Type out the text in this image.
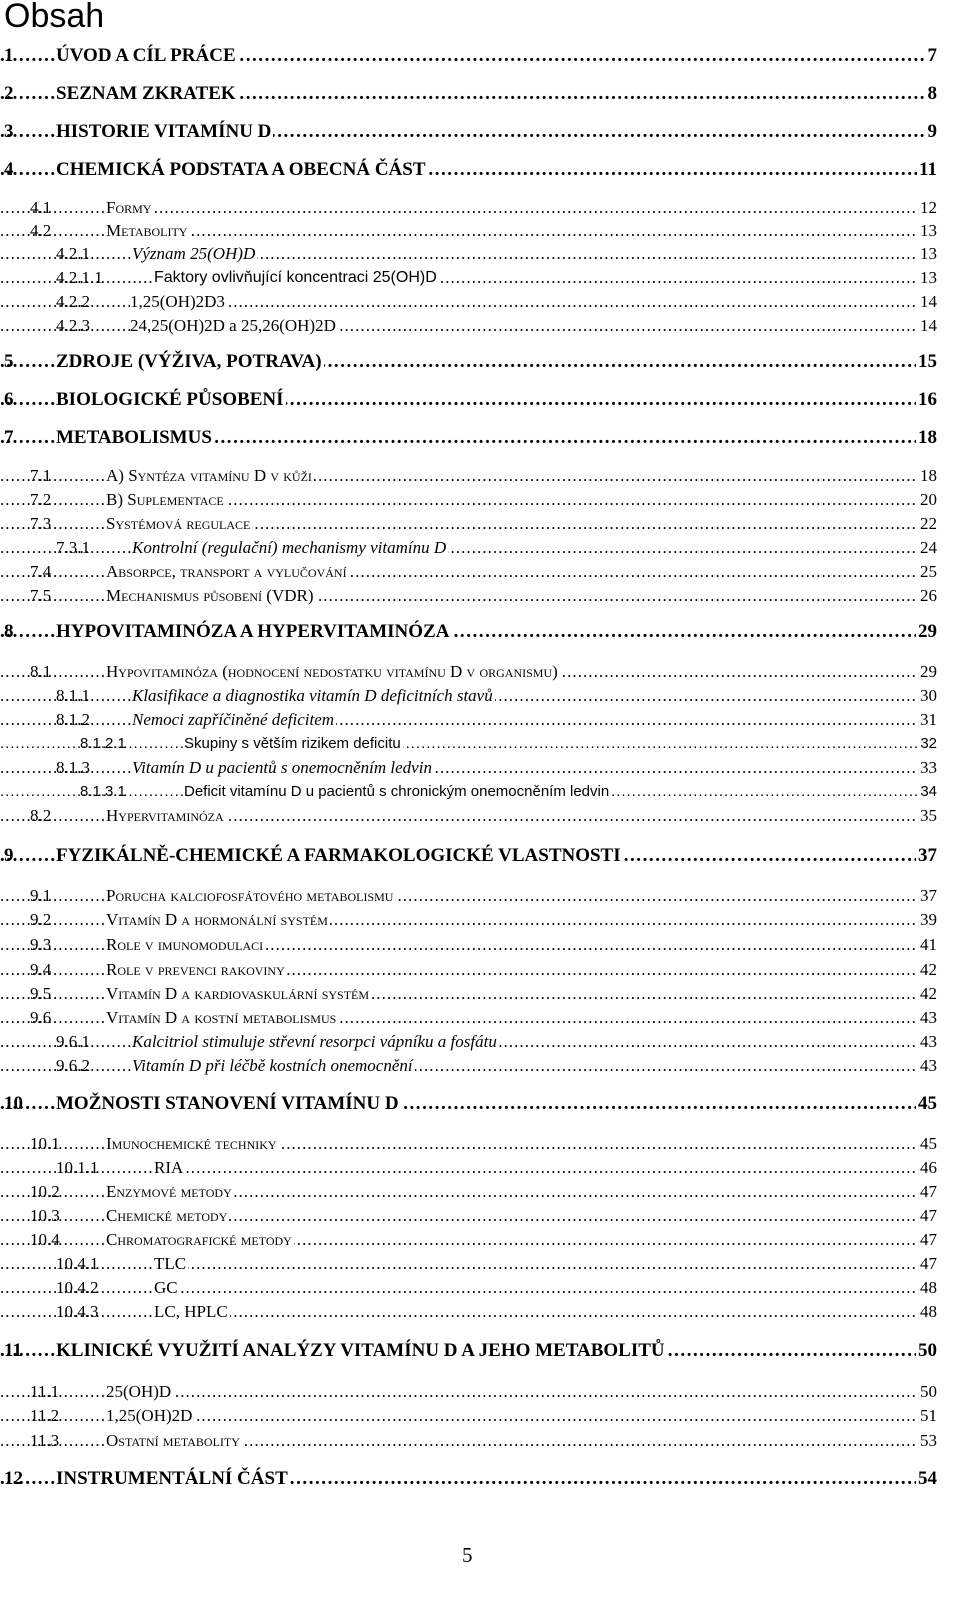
Obsah
. . .
1 ÚVOD A CÍL PRÁCE	7
. . .
2 SEZNAM ZKRATEK	8
. . .
3 HISTORIE VITAMÍNU D	9
. . .
4 CHEMICKÁ PODSTATA A OBECNÁ ČÁST	11
. . .
4.1	Formy	12
. . .
4.2	Metabolity	13
. . .
4.2.1 Význam 25(OH)D	13
. . .
4.2.1.1	Faktory ovlivňující koncentraci 25(OH)D	13
. . .
4.2.2 1,25(OH)2D3	14
. . .
4.2.3 24,25(OH)2D a 25,26(OH)2D	14
. . .
5 ZDROJE (VÝŽIVA, POTRAVA)	15
. . .
6 BIOLOGICKÉ PŮSOBENÍ	16
. . .
7 METABOLISMUS	18
. . .
7.1	A) Syntéza vitamínu D v kůži	18
. . .
7.2	B) Suplementace	20
. . .
7.3	Systémová regulace	22
. . .
7.3.1 Kontrolní (regulační) mechanismy vitamínu D	24
. . .
7.4	Absorpce, transport a vylučování	25
. . .
7.5	Mechanismus působení (VDR)	26
. . .
8 HYPOVITAMINÓZA A HYPERVITAMINÓZA	29
. . .
8.1	Hypovitaminóza (hodnocení nedostatku vitamínu D v organismu)	29
. . .
8.1.1 Klasifikace a diagnostika vitamín D deficitních stavů	30
. . .
8.1.2 Nemoci zapříčiněné deficitem	31
. . .
8.1.2.1	Skupiny s větším rizikem deficitu	32
. . .
8.1.3 Vitamín D u pacientů s onemocněním ledvin	33
. . .
8.1.3.1	Deficit vitamínu D u pacientů s chronickým onemocněním ledvin	34
. . .
8.2	Hypervitaminóza	35
. . .
9 FYZIKÁLNĚ-CHEMICKÉ A FARMAKOLOGICKÉ VLASTNOSTI	37
. . .
9.1	Porucha kalciofosfátového metabolismu	37
. . .
9.2	Vitamín D a hormonální systém	39
. . .
9.3	Role v imunomodulaci	41
. . .
9.4	Role v prevenci rakoviny	42
. . .
9.5	Vitamín D a kardiovaskulární systém	42
. . .
9.6	Vitamín D a kostní metabolismus	43
. . .
9.6.1 Kalcitriol stimuluje střevní resorpci vápníku a fosfátu	43
. . .
9.6.2 Vitamín D při léčbě kostních onemocnění	43
. . .
10 MOŽNOSTI STANOVENÍ VITAMÍNU D	45
. . .
10.1	Imunochemické techniky	45
. . .
10.1.1	RIA	46
. . .
10.2	Enzymové metody	47
. . .
10.3	Chemické metody	47
. . .
10.4	Chromatografické metody	47
. . .
10.4.1	TLC	47
. . .
10.4.2	GC	48
. . .
10.4.3	LC, HPLC	48
. . .
11 KLINICKÉ VYUŽITÍ ANALÝZY VITAMÍNU D A JEHO METABOLITŮ	50
. . .
11.1	25(OH)D	50
. . .
11.2	1,25(OH)2D	51
. . .
11.3	Ostatní metabolity	53
. . .
12 INSTRUMENTÁLNÍ ČÁST	54
5
